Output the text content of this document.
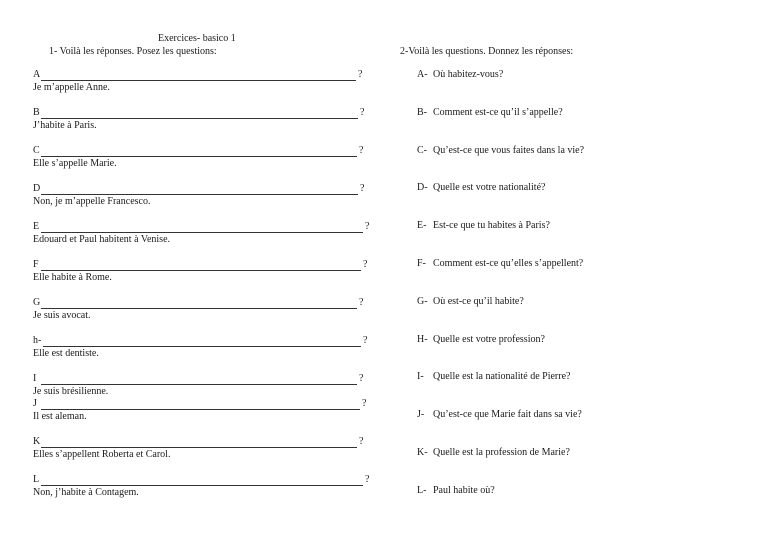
Exercices- basico 1
1- Voilà les réponses. Posez les questions:	2-Voilà les questions. Donnez les réponses:
A	?
Je m’appelle Anne.
B	?
J’habite à Paris.
C	?
Elle s’appelle Marie.
D	?
Non, je m’appelle Francesco.
E	?
Edouard et Paul habitent à Venise.
F	?
Elle habite à Rome.
G	?
Je suis avocat.
h-	?
Elle est dentiste.
I	?
Je suis brésilienne.
J	?
Il est aleman.
K	?
Elles s’appellent Roberta et Carol.
L	?
Non, j’habite à Contagem.
A- Où habitez-vous?
B- Comment est-ce qu’il s’appelle?
C- Qu’est-ce que vous faites dans la vie?
D- Quelle est votre nationalité?
E- Est-ce que tu habites à Paris?
F- Comment est-ce qu’elles s’appellent?
G- Où est-ce qu’il habite?
H- Quelle est votre profession?
I- Quelle est la nationalité de Pierre?
J- Qu’est-ce que Marie fait dans sa vie?
K- Quelle est la profession de Marie?
L- Paul habite où?
